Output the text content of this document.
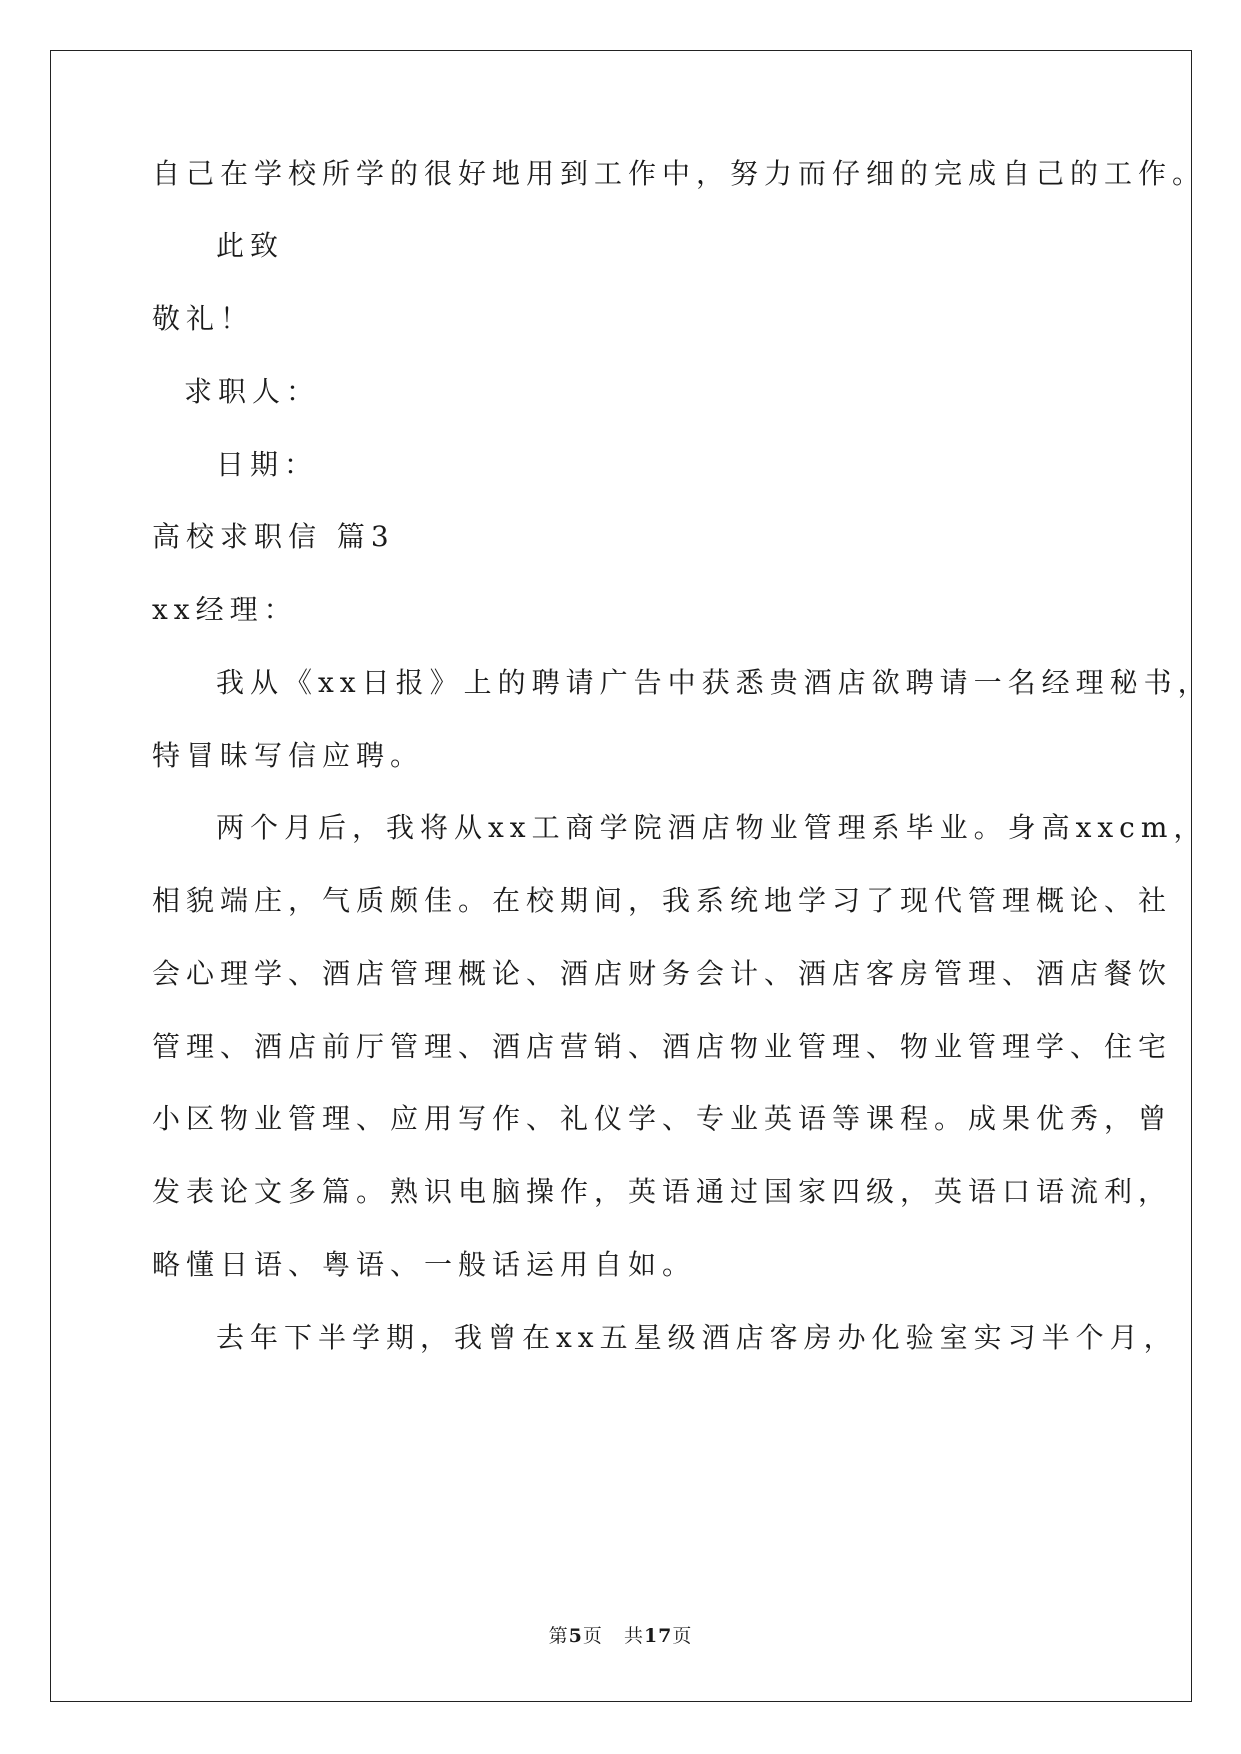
自己在学校所学的很好地用到工作中，努力而仔细的完成自己的工作。
此致
敬礼！
求职人：
日期：
高校求职信 篇3
xx经理：
我从《xx日报》上的聘请广告中获悉贵酒店欲聘请一名经理秘书，
特冒昧写信应聘。
两个月后，我将从xx工商学院酒店物业管理系毕业。身高xxcm，
相貌端庄，气质颇佳。在校期间，我系统地学习了现代管理概论、社
会心理学、酒店管理概论、酒店财务会计、酒店客房管理、酒店餐饮
管理、酒店前厅管理、酒店营销、酒店物业管理、物业管理学、住宅
小区物业管理、应用写作、礼仪学、专业英语等课程。成果优秀，曾
发表论文多篇。熟识电脑操作，英语通过国家四级，英语口语流利，
略懂日语、粤语、一般话运用自如。
去年下半学期，我曾在xx五星级酒店客房办化验室实习半个月，
第5页   共17页
